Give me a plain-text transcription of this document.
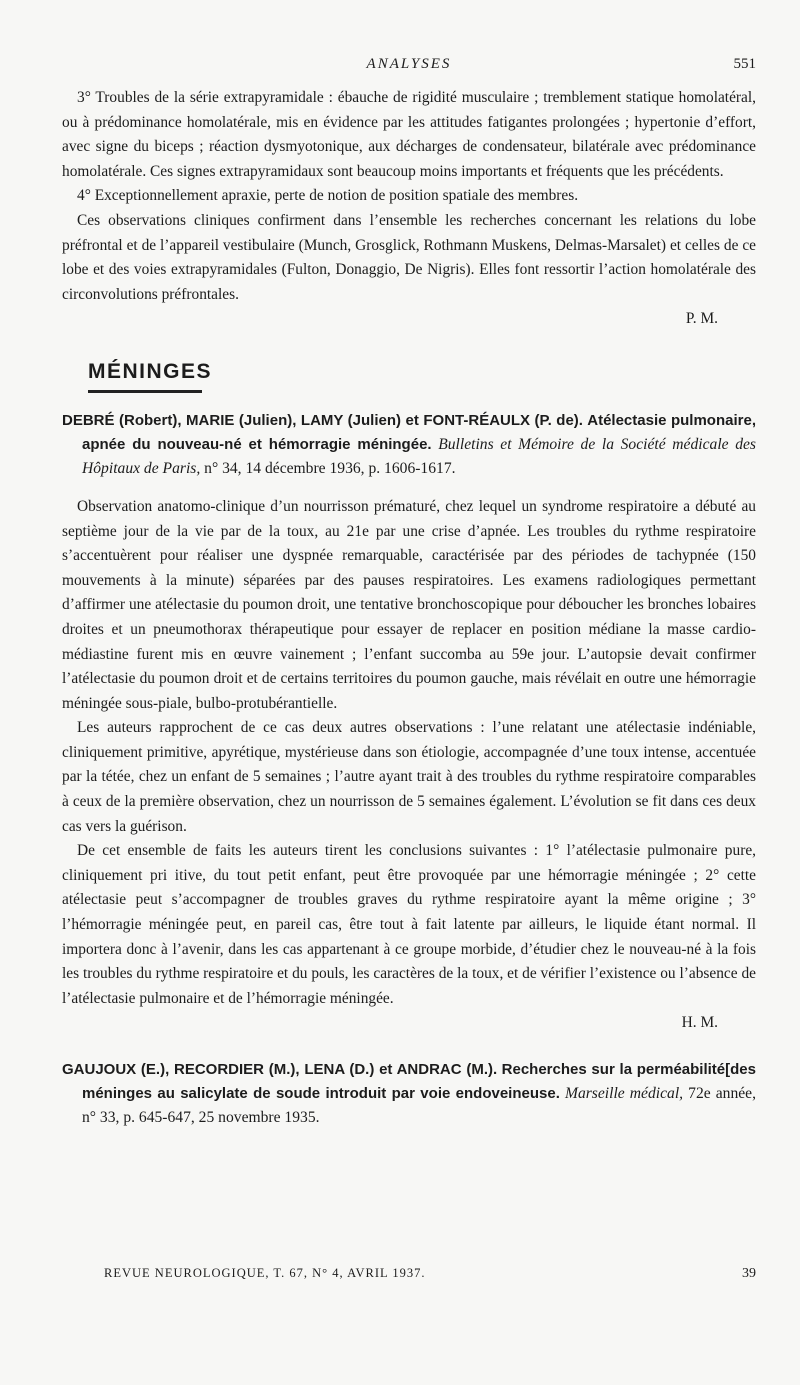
ANALYSES	551

3° Troubles de la série extrapyramidale : ébauche de rigidité musculaire ; tremblement statique homolatéral, ou à prédominance homolatérale, mis en évidence par les attitudes fatigantes prolongées ; hypertonie d’effort, avec signe du biceps ; réaction dysmyotonique, aux décharges de condensateur, bilatérale avec prédominance homolatérale. Ces signes extrapyramidaux sont beaucoup moins importants et fréquents que les précédents.

4° Exceptionnellement apraxie, perte de notion de position spatiale des membres.

Ces observations cliniques confirment dans l’ensemble les recherches concernant les relations du lobe préfrontal et de l’appareil vestibulaire (Munch, Grosglick, Rothmann Muskens, Delmas-Marsalet) et celles de ce lobe et des voies extrapyramidales (Fulton, Donaggio, De Nigris). Elles font ressortir l’action homolatérale des circonvolutions préfrontales.

P. M.

MÉNINGES

DEBRÉ (Robert), MARIE (Julien), LAMY (Julien) et FONT-RÉAULX (P. de). Atélectasie pulmonaire, apnée du nouveau-né et hémorragie méningée. Bulletins et Mémoire de la Société médicale des Hôpitaux de Paris, n° 34, 14 décembre 1936, p. 1606-1617.

Observation anatomo-clinique d’un nourrisson prématuré, chez lequel un syndrome respiratoire a débuté au septième jour de la vie par de la toux, au 21e par une crise d’apnée. Les troubles du rythme respiratoire s’accentuèrent pour réaliser une dyspnée remarquable, caractérisée par des périodes de tachypnée (150 mouvements à la minute) séparées par des pauses respiratoires. Les examens radiologiques permettant d’affirmer une atélectasie du poumon droit, une tentative bronchoscopique pour déboucher les bronches lobaires droites et un pneumothorax thérapeutique pour essayer de replacer en position médiane la masse cardio-médiastine furent mis en œuvre vainement ; l’enfant succomba au 59e jour. L’autopsie devait confirmer l’atélectasie du poumon droit et de certains territoires du poumon gauche, mais révélait en outre une hémorragie méningée sous-piale, bulbo-protubérantielle.

Les auteurs rapprochent de ce cas deux autres observations : l’une relatant une atélectasie indéniable, cliniquement primitive, apyrétique, mystérieuse dans son étiologie, accompagnée d’une toux intense, accentuée par la tétée, chez un enfant de 5 semaines ; l’autre ayant trait à des troubles du rythme respiratoire comparables à ceux de la première observation, chez un nourrisson de 5 semaines également. L’évolution se fit dans ces deux cas vers la guérison.

De cet ensemble de faits les auteurs tirent les conclusions suivantes : 1° l’atélectasie pulmonaire pure, cliniquement pri itive, du tout petit enfant, peut être provoquée par une hémorragie méningée ; 2° cette atélectasie peut s’accompagner de troubles graves du rythme respiratoire ayant la même origine ; 3° l’hémorragie méningée peut, en pareil cas, être tout à fait latente par ailleurs, le liquide étant normal. Il importera donc à l’avenir, dans les cas appartenant à ce groupe morbide, d’étudier chez le nouveau-né à la fois les troubles du rythme respiratoire et du pouls, les caractères de la toux, et de vérifier l’existence ou l’absence de l’atélectasie pulmonaire et de l’hémorragie méningée.

H. M.

GAUJOUX (E.), RECORDIER (M.), LENA (D.) et ANDRAC (M.). Recherches sur la perméabilité[des méninges au salicylate de soude introduit par voie endoveineuse. Marseille médical, 72e année, n° 33, p. 645-647, 25 novembre 1935.

REVUE NEUROLOGIQUE, T. 67, N° 4, AVRIL 1937.	39
